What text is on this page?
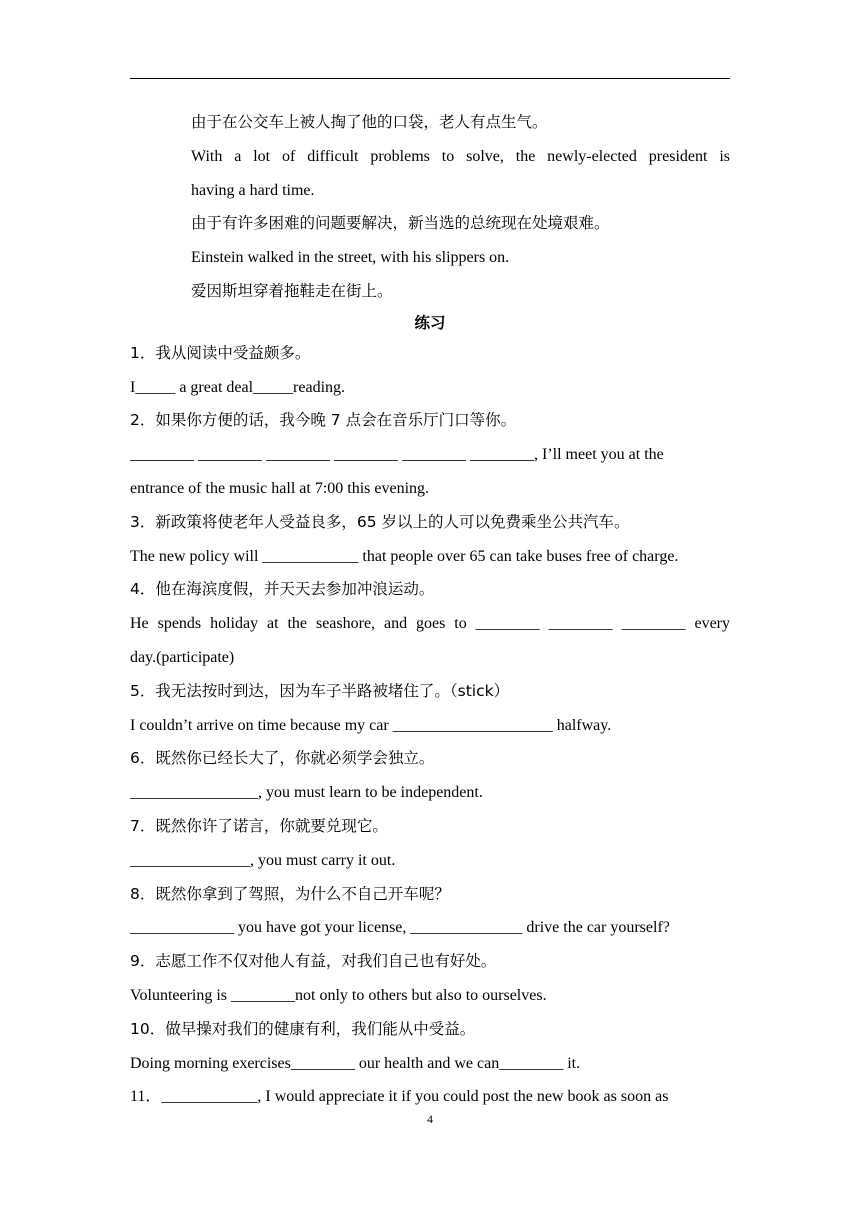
由于在公交车上被人掏了他的口袋，老人有点生气。
With a lot of difficult problems to solve, the newly-elected president is
having a hard time.
由于有许多困难的问题要解决，新当选的总统现在处境艰难。
Einstein walked in the street, with his slippers on.
爱因斯坦穿着拖鞋走在街上。
练习
1．我从阅读中受益颇多。
I_____ a great deal_____reading.
2．如果你方便的话，我今晚 7 点会在音乐厅门口等你。
________ ________ ________ ________ ________ ________, I’ll meet you at the
entrance of the music hall at 7:00 this evening.
3．新政策将使老年人受益良多，65 岁以上的人可以免费乘坐公共汽车。
The new policy will ____________ that people over 65 can take buses free of charge.
4．他在海滨度假，并天天去参加冲浪运动。
He spends holiday at the seashore, and goes to ________ ________ ________ every
day.(participate)
5．我无法按时到达，因为车子半路被堵住了。（stick）
I couldn’t arrive on time because my car ____________________ halfway.
6．既然你已经长大了，你就必须学会独立。
________________, you must learn to be independent.
7．既然你许了诺言，你就要兑现它。
_______________, you must carry it out.
8．既然你拿到了驾照，为什么不自己开车呢？
_____________ you have got your license, ______________ drive the car yourself?
9．志愿工作不仅对他人有益，对我们自己也有好处。
Volunteering is ________not only to others but also to ourselves.
10．做早操对我们的健康有利，我们能从中受益。
Doing morning exercises________ our health and we can________ it.
11．____________, I would appreciate it if you could post the new book as soon as
4
